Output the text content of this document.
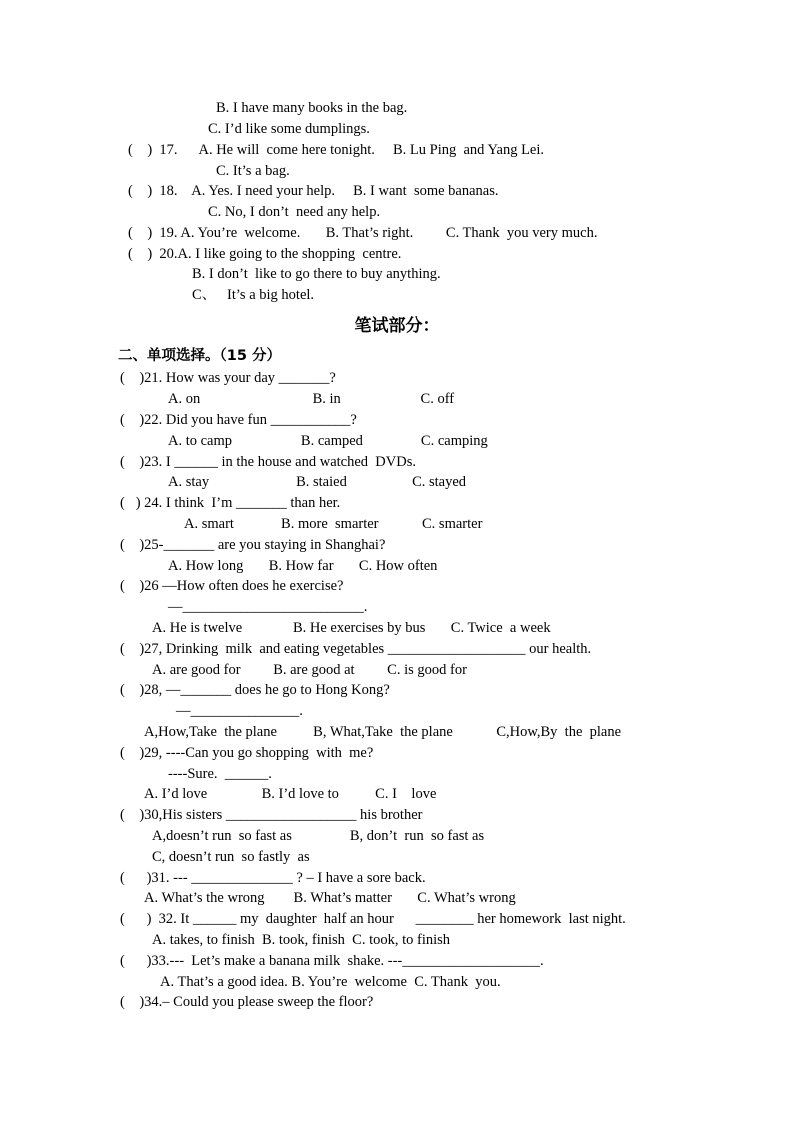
B. I have many books in the bag.
C. I’d like some dumplings.
(    )  17.      A. He will  come here tonight.     B. Lu Ping  and Yang Lei.
C. It’s a bag.
(    )  18.    A. Yes. I need your help.     B. I want  some bananas.
C. No, I don’t  need any help.
(    )  19. A. You’re  welcome.       B. That’s right.         C. Thank  you very much.
(    )  20.A. I like going to the shopping  centre.
B. I don’t  like to go there to buy anything.
C、   It’s a big hotel.
笔试部分：
二、单项选择。（15 分）
(    )21. How was your day _______?
A. on                               B. in                      C. off
(    )22. Did you have fun ___________?
A. to camp                   B. camped                C. camping
(    )23. I ______ in the house and watched  DVDs.
A. stay                        B. staied                  C. stayed
(   ) 24. I think  I’m _______ than her.
A. smart             B. more  smarter            C. smarter
(    )25-_______ are you staying in Shanghai?
A. How long       B. How far       C. How often
(    )26 —How often does he exercise?
—_________________________.
A. He is twelve              B. He exercises by bus       C. Twice  a week
(    )27, Drinking  milk  and eating vegetables ___________________ our health.
A. are good for         B. are good at         C. is good for
(    )28, —_______ does he go to Hong Kong?
—_______________.
A,How,Take  the plane          B, What,Take  the plane            C,How,By  the  plane
(    )29, ----Can you go shopping  with  me?
----Sure.  ______.
A. I’d love               B. I’d love to          C. I    love
(    )30,His sisters __________________ his brother
A,doesn’t run  so fast as                B, don’t  run  so fast as
C, doesn’t run  so fastly  as
(      )31. --- ______________ ? – I have a sore back.
A. What’s the wrong        B. What’s matter       C. What’s wrong
(      )  32. It ______ my  daughter  half an hour      ________ her homework  last night.
A. takes, to finish  B. took, finish  C. took, to finish
(      )33.---  Let’s make a banana milk  shake. ---___________________.
A. That’s a good idea. B. You’re  welcome  C. Thank  you.
(    )34.– Could you please sweep the floor?
